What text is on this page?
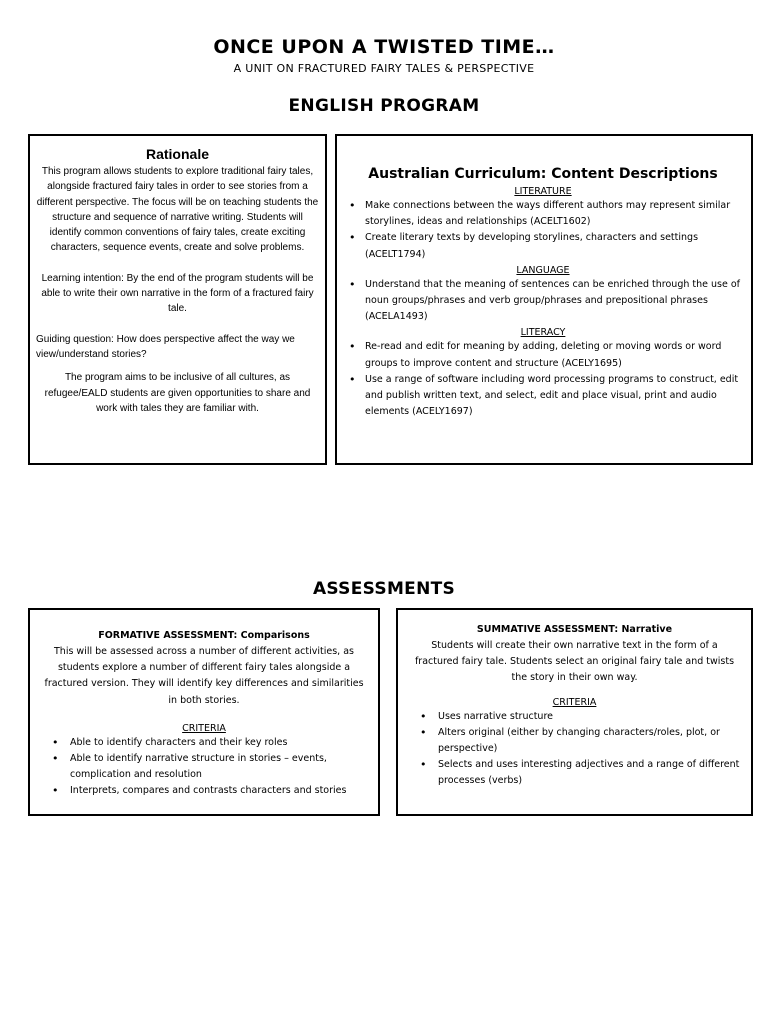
ONCE UPON A TWISTED TIME…
A UNIT ON FRACTURED FAIRY TALES & PERSPECTIVE
ENGLISH PROGRAM
Rationale

This program allows students to explore traditional fairy tales, alongside fractured fairy tales in order to see stories from a different perspective. The focus will be on teaching students the structure and sequence of narrative writing. Students will identify common conventions of fairy tales, create exciting characters, sequence events, create and solve problems.

Learning intention: By the end of the program students will be able to write their own narrative in the form of a fractured fairy tale.

Guiding question: How does perspective affect the way we view/understand stories?

The program aims to be inclusive of all cultures, as refugee/EALD students are given opportunities to share and work with tales they are familiar with.

Australian Curriculum: Content Descriptions
LITERATURE
• Make connections between the ways different authors may represent similar storylines, ideas and relationships (ACELT1602)
• Create literary texts by developing storylines, characters and settings (ACELT1794)
LANGUAGE
• Understand that the meaning of sentences can be enriched through the use of noun groups/phrases and verb group/phrases and prepositional phrases (ACELA1493)
LITERACY
• Re-read and edit for meaning by adding, deleting or moving words or word groups to improve content and structure (ACELY1695)
• Use a range of software including word processing programs to construct, edit and publish written text, and select, edit and place visual, print and audio elements (ACELY1697)
ASSESSMENTS
FORMATIVE ASSESSMENT: Comparisons

This will be assessed across a number of different activities, as students explore a number of different fairy tales alongside a fractured version. They will identify key differences and similarities in both stories.

CRITERIA
• Able to identify characters and their key roles
• Able to identify narrative structure in stories – events, complication and resolution
• Interprets, compares and contrasts characters and stories
SUMMATIVE ASSESSMENT: Narrative

Students will create their own narrative text in the form of a fractured fairy tale. Students select an original fairy tale and twists the story in their own way.

CRITERIA
• Uses narrative structure
• Alters original (either by changing characters/roles, plot, or perspective)
• Selects and uses interesting adjectives and a range of different processes (verbs)
